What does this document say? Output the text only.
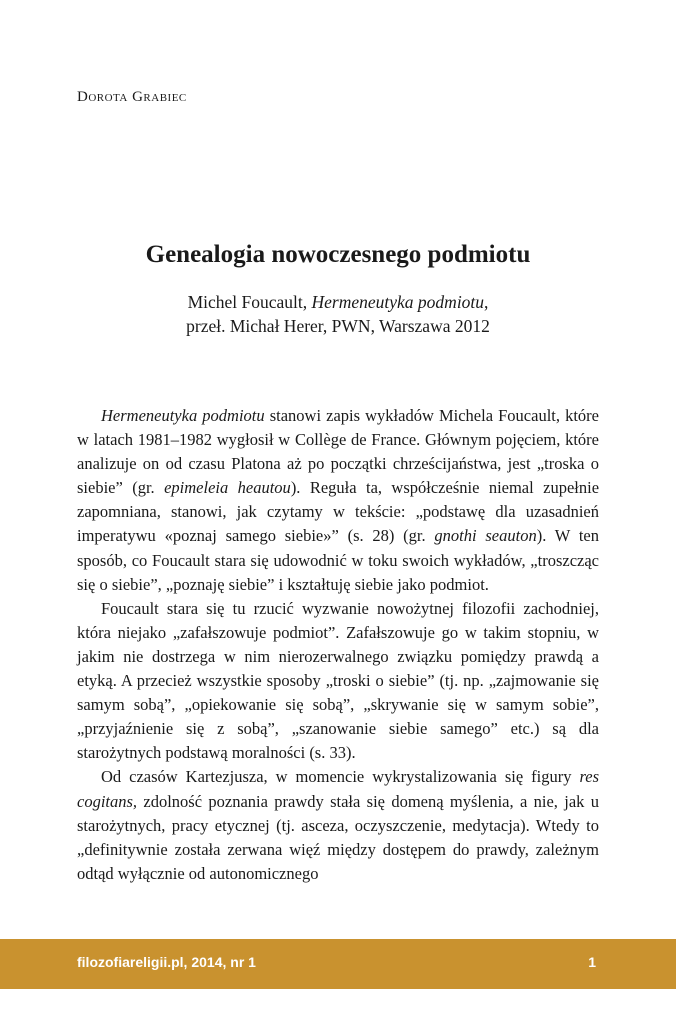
Dorota Grabiec
Genealogia nowoczesnego podmiotu
Michel Foucault, Hermeneutyka podmiotu,
przeł. Michał Herer, PWN, Warszawa 2012

Hermeneutyka podmiotu stanowi zapis wykładów Michela Foucault, które w latach 1981–1982 wygłosił w Collège de France. Głównym pojęciem, które analizuje on od czasu Platona aż po początki chrześcijaństwa, jest „troska o siebie” (gr. epimeleia heautou). Reguła ta, współcześnie niemal zupełnie zapomniana, stanowi, jak czytamy w tekście: „podstawę dla uzasadnień imperatywu «poznaj samego siebie»” (s. 28) (gr. gnothi seauton). W ten sposób, co Foucault stara się udowodnić w toku swoich wykładów, „troszcząc się o siebie”, „poznaję siebie” i kształtuję siebie jako podmiot.

Foucault stara się tu rzucić wyzwanie nowożytnej filozofii zachodniej, która niejako „zafałszowuje podmiot”. Zafałszowuje go w takim stopniu, w jakim nie dostrzega w nim nierozerwalnego związku pomiędzy prawdą a etyką. A przecież wszystkie sposoby „troski o siebie” (tj. np. „zajmowanie się samym sobą”, „opiekowanie się sobą”, „skrywanie się w samym sobie”, „przyjaźnienie się z sobą”, „szanowanie siebie samego” etc.) są dla starożytnych podstawą moralności (s. 33).

Od czasów Kartezjusza, w momencie wykrystalizowania się figury res cogitans, zdolność poznania prawdy stała się domeną myślenia, a nie, jak u starożytnych, pracy etycznej (tj. asceza, oczyszczenie, medytacja). Wtedy to „definitywnie została zerwana więź między dostępem do prawdy, zależnym odtąd wyłącznie od autonomicznego

filozofiareligii.pl, 2014, nr 1	1
